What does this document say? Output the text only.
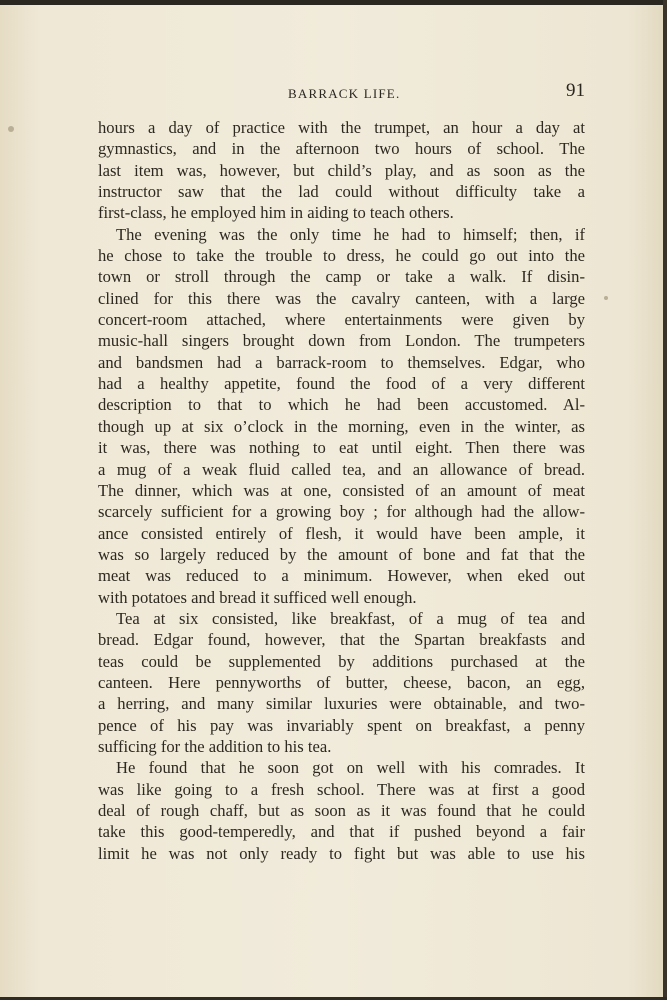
BARRACK LIFE.	91
hours a day of practice with the trumpet, an hour a day at
gymnastics, and in the afternoon two hours of school. The
last item was, however, but child’s play, and as soon as the
instructor saw that the lad could without difficulty take a
first-class, he employed him in aiding to teach others.
The evening was the only time he had to himself; then, if
he chose to take the trouble to dress, he could go out into the
town or stroll through the camp or take a walk. If disin-
clined for this there was the cavalry canteen, with a large
concert-room attached, where entertainments were given by
music-hall singers brought down from London. The trumpeters
and bandsmen had a barrack-room to themselves. Edgar, who
had a healthy appetite, found the food of a very different
description to that to which he had been accustomed. Al-
though up at six o’clock in the morning, even in the winter, as
it was, there was nothing to eat until eight. Then there was
a mug of a weak fluid called tea, and an allowance of bread.
The dinner, which was at one, consisted of an amount of meat
scarcely sufficient for a growing boy ; for although had the allow-
ance consisted entirely of flesh, it would have been ample, it
was so largely reduced by the amount of bone and fat that the
meat was reduced to a minimum. However, when eked out
with potatoes and bread it sufficed well enough.
Tea at six consisted, like breakfast, of a mug of tea and
bread. Edgar found, however, that the Spartan breakfasts and
teas could be supplemented by additions purchased at the
canteen. Here pennyworths of butter, cheese, bacon, an egg,
a herring, and many similar luxuries were obtainable, and two-
pence of his pay was invariably spent on breakfast, a penny
sufficing for the addition to his tea.
He found that he soon got on well with his comrades. It
was like going to a fresh school. There was at first a good
deal of rough chaff, but as soon as it was found that he could
take this good-temperedly, and that if pushed beyond a fair
limit he was not only ready to fight but was able to use his
